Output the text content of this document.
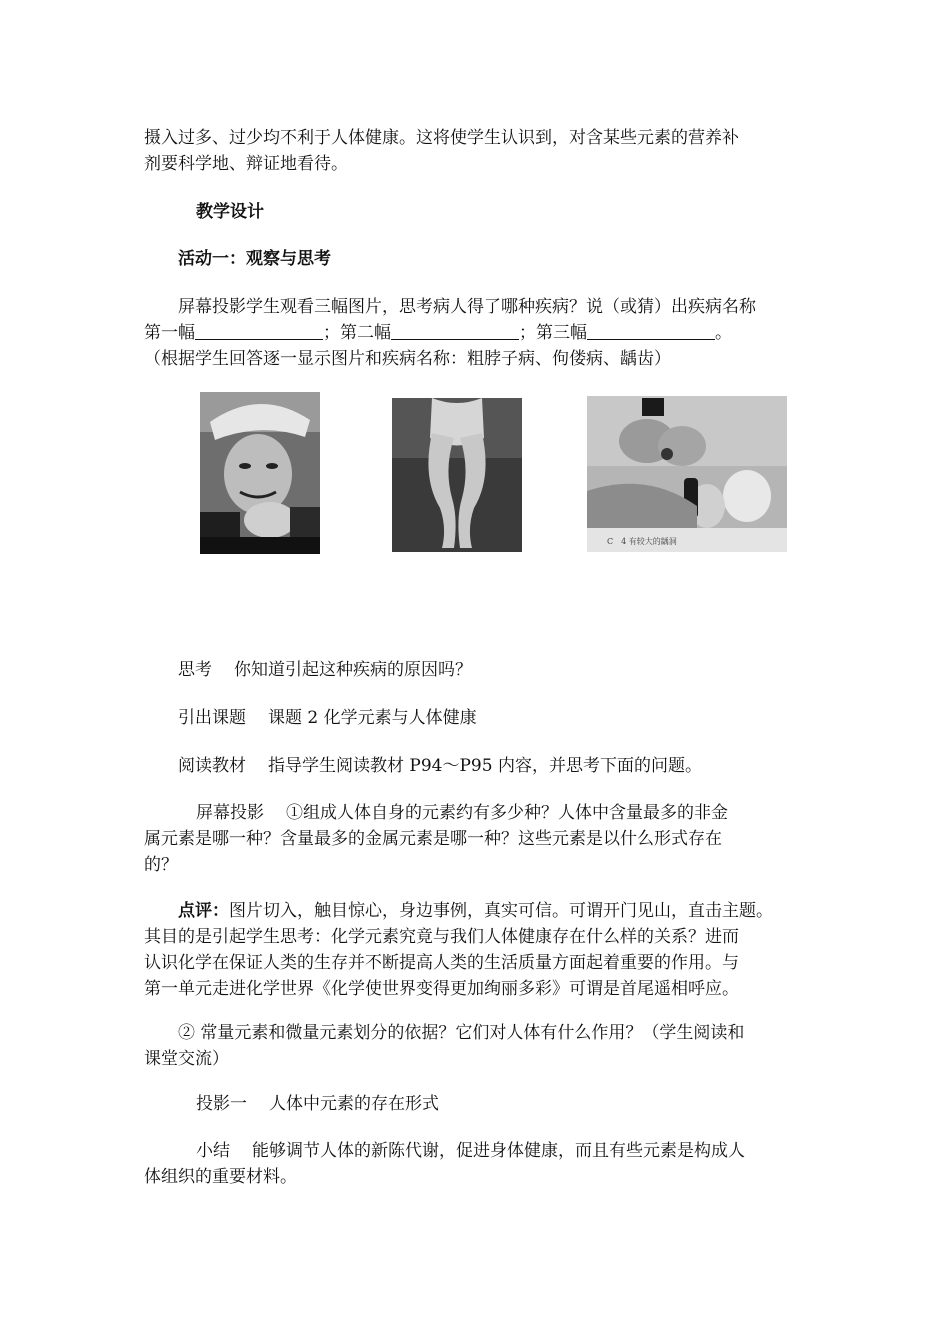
摄入过多、过少均不利于人体健康。这将使学生认识到，对含某些元素的营养补
剂要科学地、辩证地看待。

教学设计

活动一：观察与思考

屏幕投影学生观看三幅图片，思考病人得了哪种疾病？说（或猜）出疾病名称
第一幅	；第二幅	；第三幅	。
（根据学生回答逐一显示图片和疾病名称：粗脖子病、佝偻病、龋齿）

C　4 有较大的龋洞

思考 你知道引起这种疾病的原因吗？

引出课题 课题 2 化学元素与人体健康

阅读教材 指导学生阅读教材 P94～P95 内容，并思考下面的问题。

屏幕投影 ①组成人体自身的元素约有多少种？人体中含量最多的非金
属元素是哪一种？含量最多的金属元素是哪一种？这些元素是以什么形式存在
的？

点评：图片切入，触目惊心，身边事例，真实可信。可谓开门见山，直击主题。
其目的是引起学生思考：化学元素究竟与我们人体健康存在什么样的关系？进而
认识化学在保证人类的生存并不断提高人类的生活质量方面起着重要的作用。与
第一单元走进化学世界《化学使世界变得更加绚丽多彩》可谓是首尾遥相呼应。

② 常量元素和微量元素划分的依据？它们对人体有什么作用？（学生阅读和
课堂交流）

投影一 人体中元素的存在形式

小结 能够调节人体的新陈代谢，促进身体健康，而且有些元素是构成人
体组织的重要材料。
